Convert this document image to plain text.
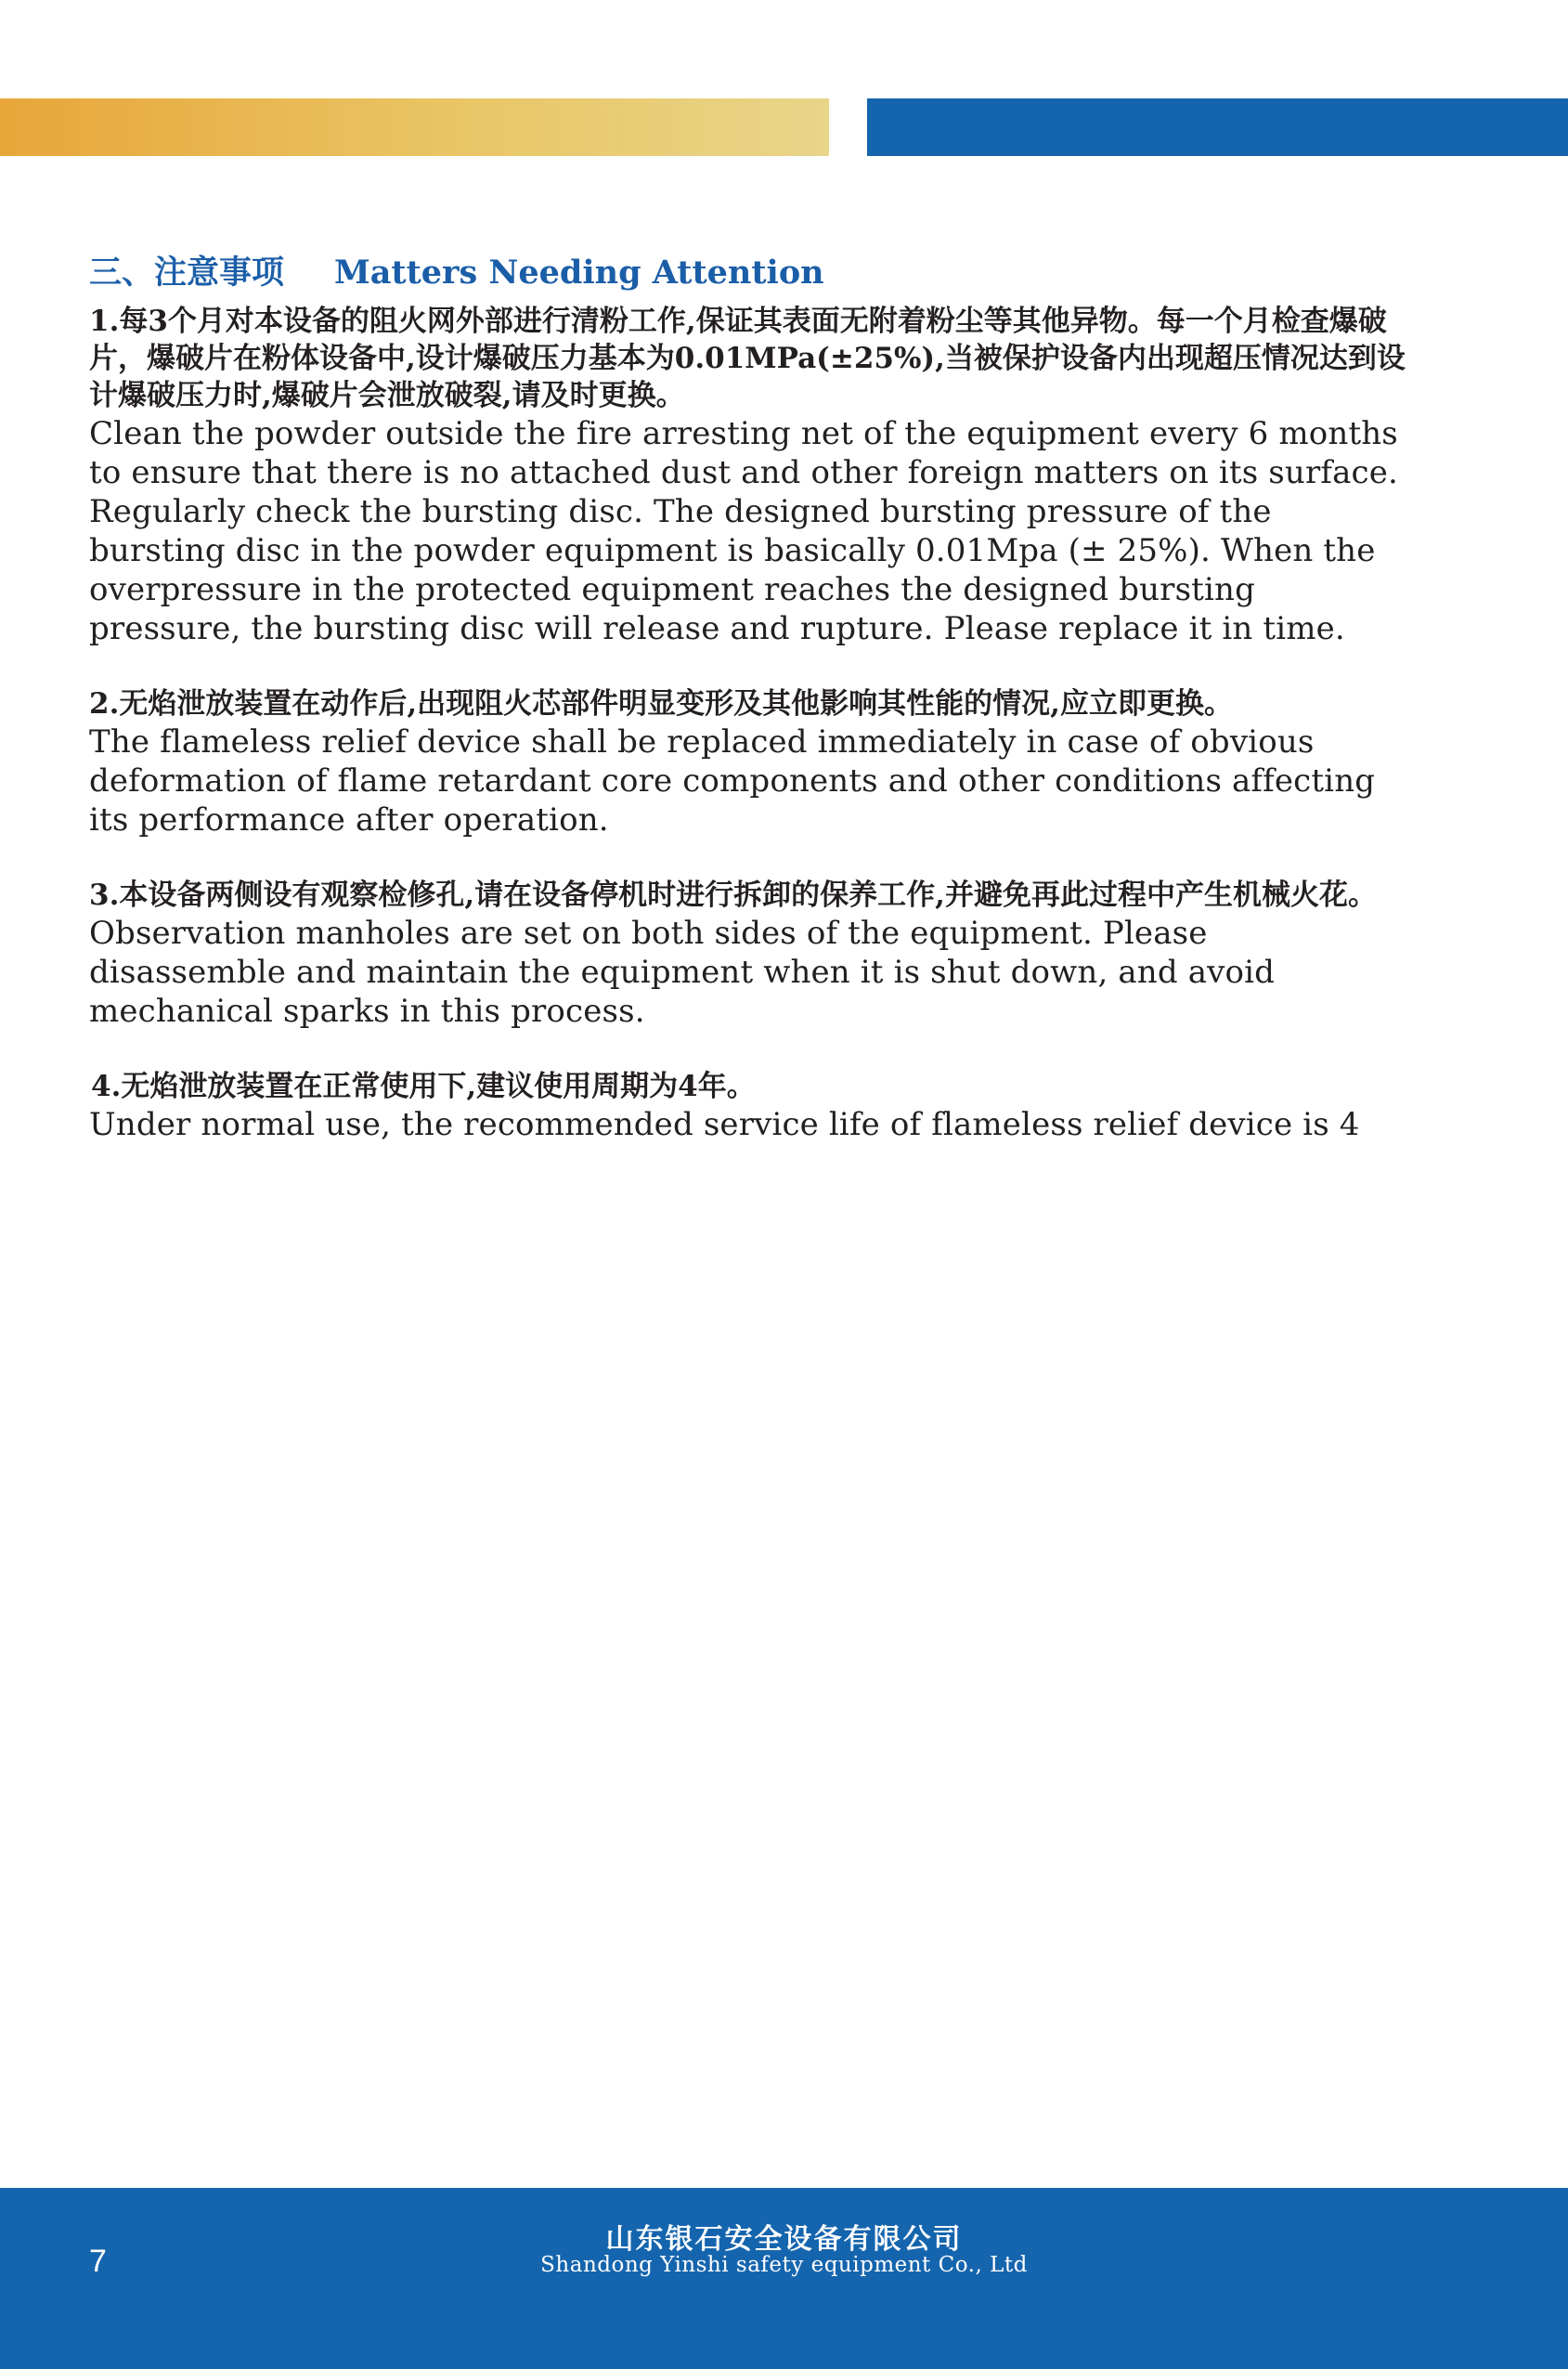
三、注意事项 Matters Needing Attention

1.每3个月对本设备的阻火网外部进行清粉工作,保证其表面无附着粉尘等其他异物。每一个月检查爆破片，爆破片在粉体设备中,设计爆破压力基本为0.01MPa(±25%),当被保护设备内出现超压情况达到设计爆破压力时,爆破片会泄放破裂,请及时更换。

Clean the powder outside the fire arresting net of the equipment every 6 months to ensure that there is no attached dust and other foreign matters on its surface. Regularly check the bursting disc. The designed bursting pressure of the bursting disc in the powder equipment is basically 0.01Mpa (± 25%). When the overpressure in the protected equipment reaches the designed bursting pressure, the bursting disc will release and rupture. Please replace it in time.

2.无焰泄放装置在动作后,出现阻火芯部件明显变形及其他影响其性能的情况,应立即更换。

The flameless relief device shall be replaced immediately in case of obvious deformation of flame retardant core components and other conditions affecting its performance after operation.

3.本设备两侧设有观察检修孔,请在设备停机时进行拆卸的保养工作,并避免再此过程中产生机械火花。

Observation manholes are set on both sides of the equipment. Please disassemble and maintain the equipment when it is shut down, and avoid mechanical sparks in this process.

4.无焰泄放装置在正常使用下,建议使用周期为4年。

Under normal use, the recommended service life of flameless relief device is 4

7
山东银石安全设备有限公司
Shandong Yinshi safety equipment Co., Ltd
